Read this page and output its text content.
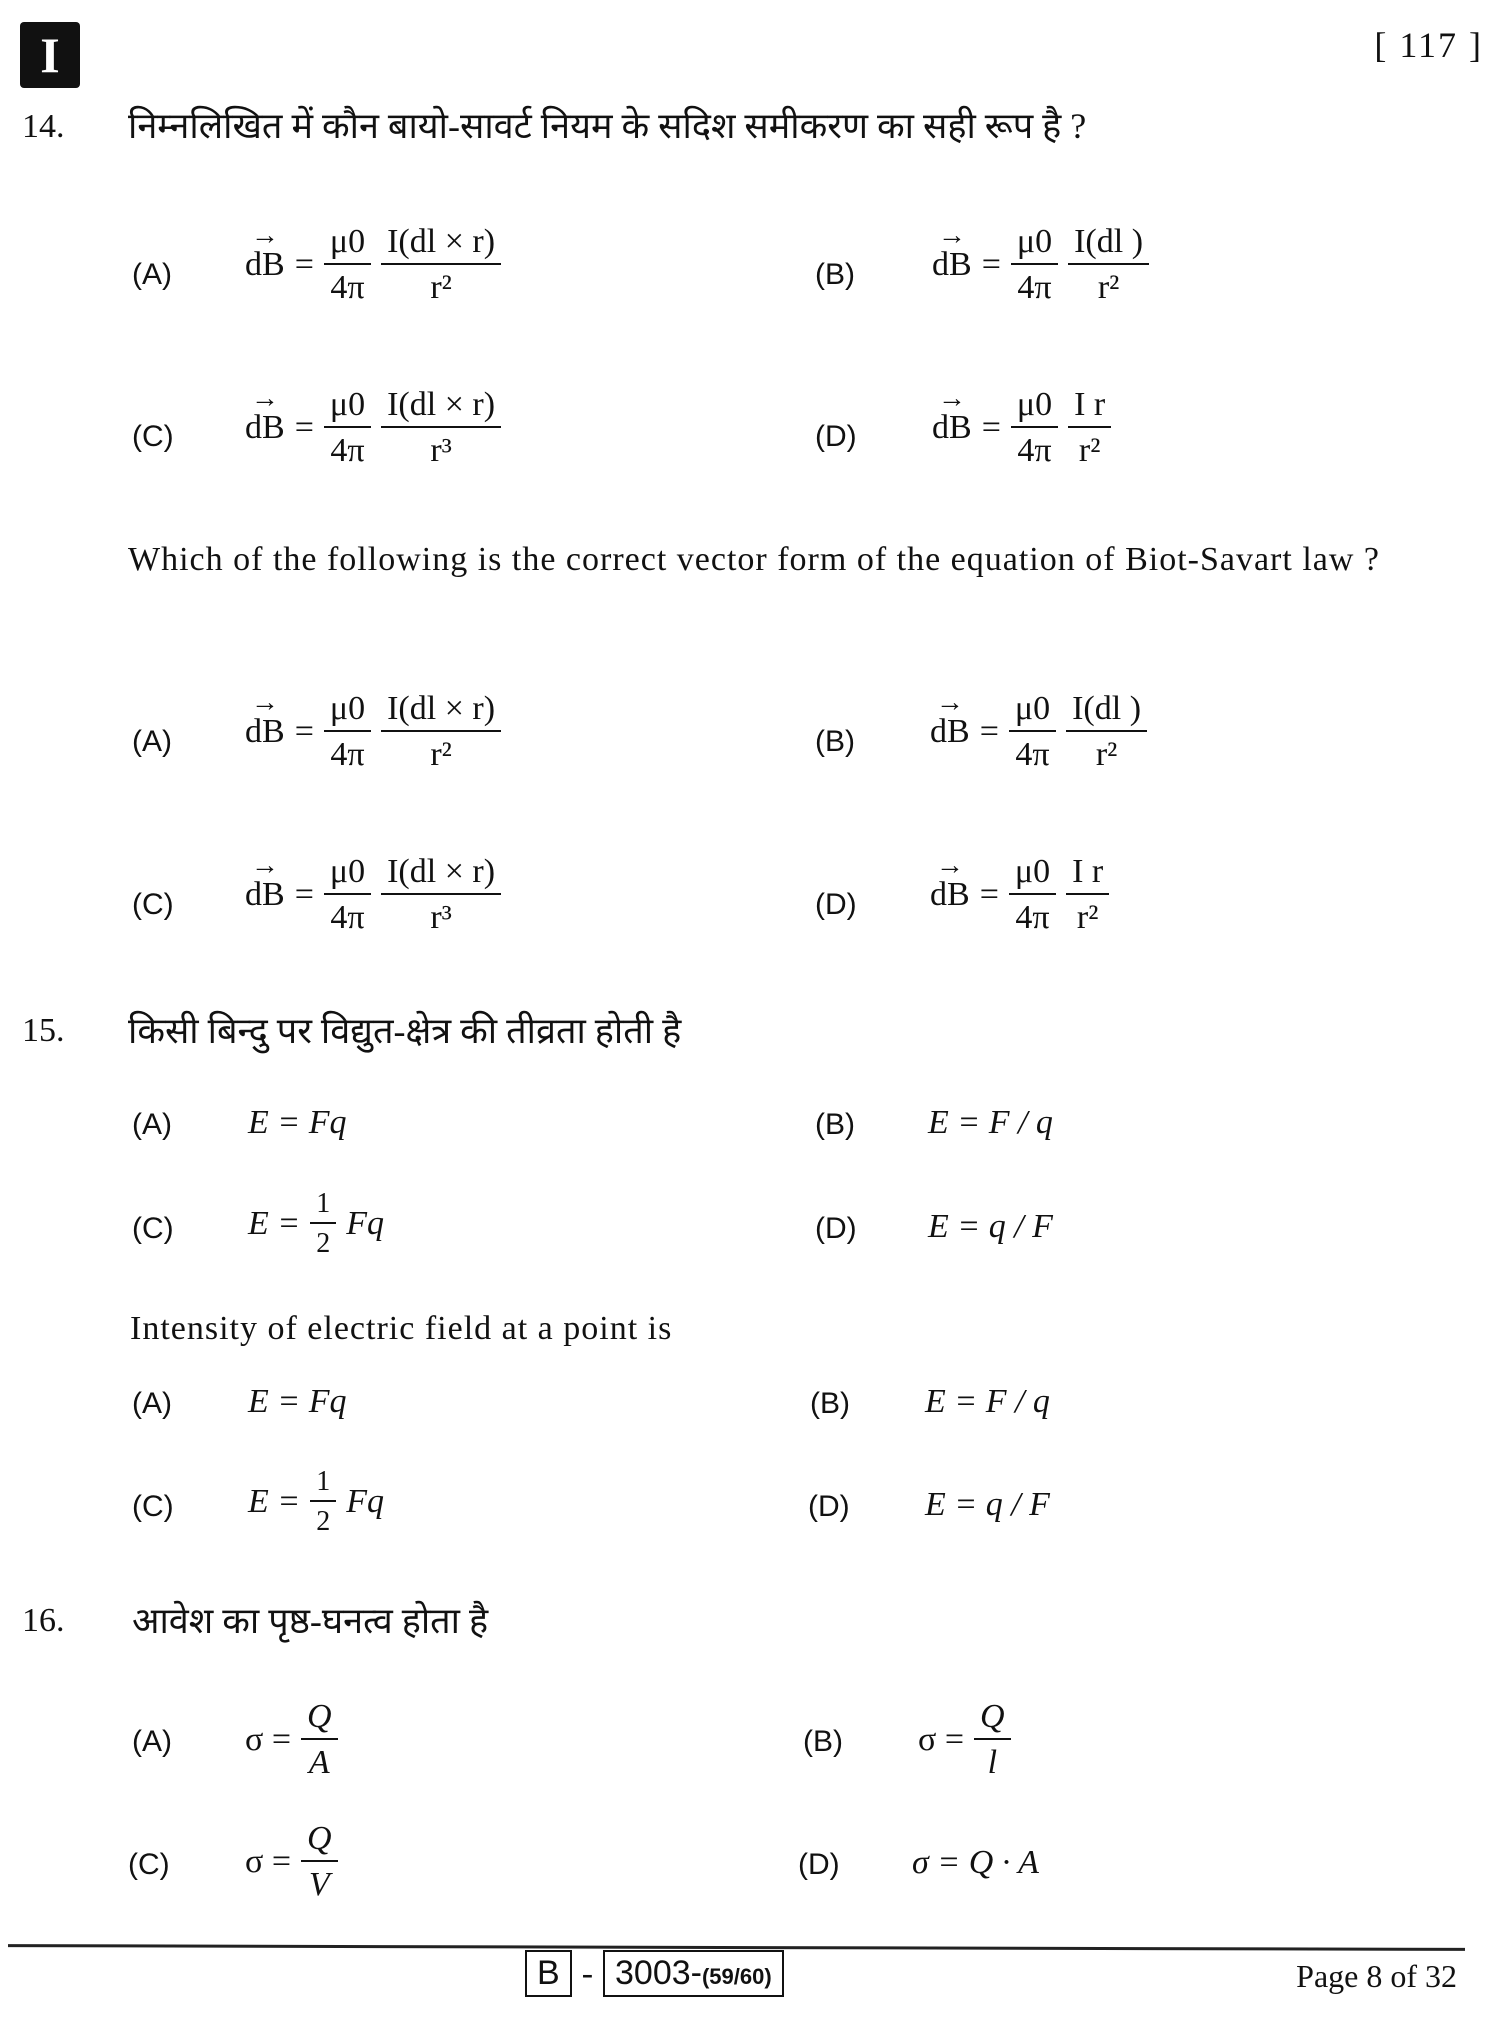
I	[ 117 ]
14. निम्नलिखित में कौन बायो-सावर्ट नियम के सदिश समीकरण का सही रूप है ?
(A) → dB = $\frac{\mu 0}{4\pi} \frac{I(dl \times r)}{\text{r²}}$	(B) → dB = $\frac{\mu 0}{4\pi} \frac{I(dl )}{\text{r²}}$
(C) → dB = $\frac{\mu 0}{4\pi} \frac{I(dl \times r)}{\text{r³}}$	(D) → dB = $\frac{\mu 0}{4\pi} \frac{\text{I r}}{\text{r²}}$
Which of the following is the correct vector form of the equation of Biot-Savart law ?
(A) → dB = $\frac{\mu 0}{4\pi} \frac{I(dl \times r)}{\text{r²}}$	(B) → dB = $\frac{\mu 0}{4\pi} \frac{I(dl )}{\text{r²}}$
(C) → dB = $\frac{\mu 0}{4\pi} \frac{I(dl \times r)}{\text{r³}}$	(D) → dB = $\frac{\mu 0}{4\pi} \frac{\text{I r}}{\text{r²}}$
15. किसी बिन्दु पर विद्युत-क्षेत्र की तीव्रता होती है
(A) E = Fq	(B) E = F / q
(C) $E = \frac{1}{2}$ Fq	(D) E = q / F
Intensity of electric field at a point is
(A) E = Fq	(B) E = F / q
(C) $E = \frac{1}{2}$ Fq	(D) E = q / F
16. आवेश का पृष्ठ-घनत्व होता है
(A) $\sigma = \frac{Q}{A}$	(B) $\sigma = \frac{Q}{l}$
(C) $\sigma = \frac{Q}{V}$	(D) σ = Q · A
B - 3003-(59/60)	Page 8 of 32
